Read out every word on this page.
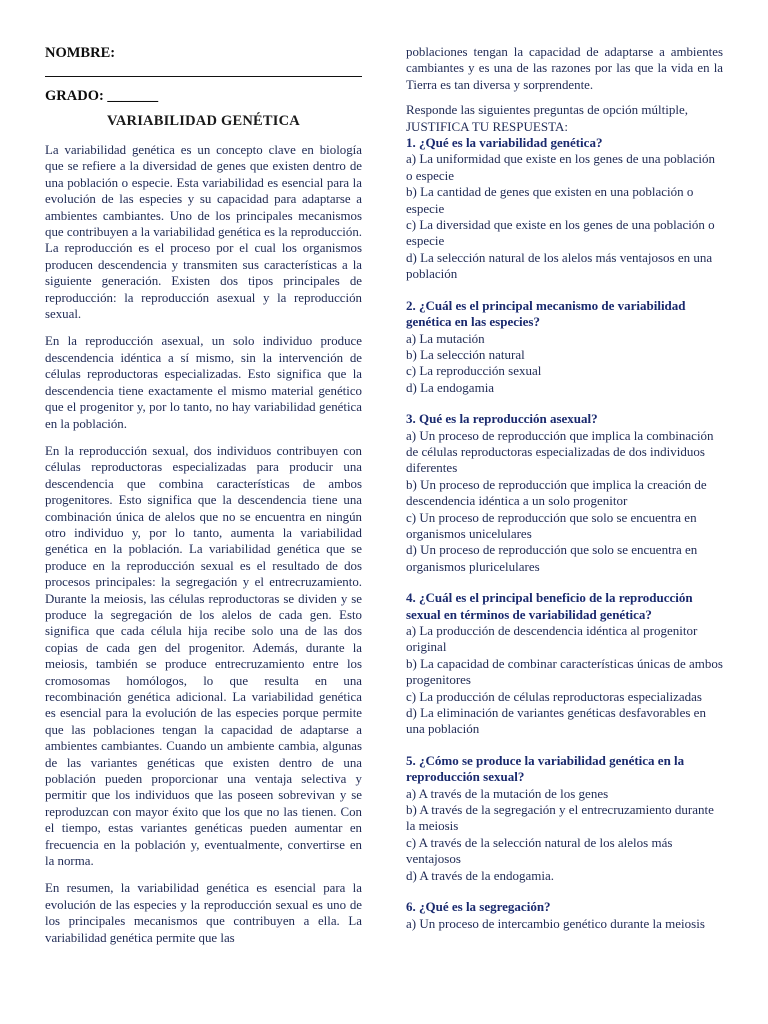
NOMBRE:
GRADO: _______
VARIABILIDAD GENÉTICA

La variabilidad genética es un concepto clave en biología que se refiere a la diversidad de genes que existen dentro de una población o especie. Esta variabilidad es esencial para la evolución de las especies y su capacidad para adaptarse a ambientes cambiantes. Uno de los principales mecanismos que contribuyen a la variabilidad genética es la reproducción. La reproducción es el proceso por el cual los organismos producen descendencia y transmiten sus características a la siguiente generación. Existen dos tipos principales de reproducción: la reproducción asexual y la reproducción sexual.

En la reproducción asexual, un solo individuo produce descendencia idéntica a sí mismo, sin la intervención de células reproductoras especializadas. Esto significa que la descendencia tiene exactamente el mismo material genético que el progenitor y, por lo tanto, no hay variabilidad genética en la población.

En la reproducción sexual, dos individuos contribuyen con células reproductoras especializadas para producir una descendencia que combina características de ambos progenitores. Esto significa que la descendencia tiene una combinación única de alelos que no se encuentra en ningún otro individuo y, por lo tanto, aumenta la variabilidad genética en la población. La variabilidad genética que se produce en la reproducción sexual es el resultado de dos procesos principales: la segregación y el entrecruzamiento. Durante la meiosis, las células reproductoras se dividen y se produce la segregación de los alelos de cada gen. Esto significa que cada célula hija recibe solo una de las dos copias de cada gen del progenitor. Además, durante la meiosis, también se produce entrecruzamiento entre los cromosomas homólogos, lo que resulta en una recombinación genética adicional. La variabilidad genética es esencial para la evolución de las especies porque permite que las poblaciones tengan la capacidad de adaptarse a ambientes cambiantes. Cuando un ambiente cambia, algunas de las variantes genéticas que existen dentro de una población pueden proporcionar una ventaja selectiva y permitir que los individuos que las poseen sobrevivan y se reproduzcan con mayor éxito que los que no las tienen. Con el tiempo, estas variantes genéticas pueden aumentar en frecuencia en la población y, eventualmente, convertirse en la norma.

En resumen, la variabilidad genética es esencial para la evolución de las especies y la reproducción sexual es uno de los principales mecanismos que contribuyen a ella. La variabilidad genética permite que las

poblaciones tengan la capacidad de adaptarse a ambientes cambiantes y es una de las razones por las que la vida en la Tierra es tan diversa y sorprendente.

Responde las siguientes preguntas de opción múltiple, JUSTIFICA TU RESPUESTA:

1. ¿Qué es la variabilidad genética?
a) La uniformidad que existe en los genes de una población o especie
b) La cantidad de genes que existen en una población o especie
c) La diversidad que existe en los genes de una población o especie
d) La selección natural de los alelos más ventajosos en una población
2. ¿Cuál es el principal mecanismo de variabilidad genética en las especies?
a) La mutación
b) La selección natural
c) La reproducción sexual
d) La endogamia
3. Qué es la reproducción asexual?
a) Un proceso de reproducción que implica la combinación de células reproductoras especializadas de dos individuos diferentes
b) Un proceso de reproducción que implica la creación de descendencia idéntica a un solo progenitor
c) Un proceso de reproducción que solo se encuentra en organismos unicelulares
d) Un proceso de reproducción que solo se encuentra en organismos pluricelulares
4. ¿Cuál es el principal beneficio de la reproducción sexual en términos de variabilidad genética?
a) La producción de descendencia idéntica al progenitor original
b) La capacidad de combinar características únicas de ambos progenitores
c) La producción de células reproductoras especializadas
d) La eliminación de variantes genéticas desfavorables en una población
5. ¿Cómo se produce la variabilidad genética en la reproducción sexual?
a) A través de la mutación de los genes
b) A través de la segregación y el entrecruzamiento durante la meiosis
c) A través de la selección natural de los alelos más ventajosos
d) A través de la endogamia.
6. ¿Qué es la segregación?
a) Un proceso de intercambio genético durante la meiosis
